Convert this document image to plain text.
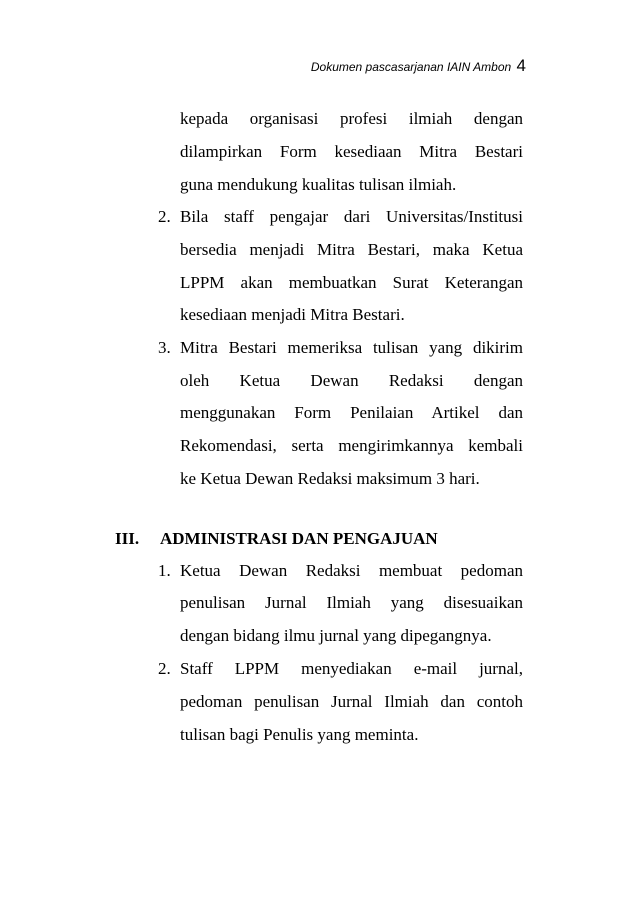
Dokumen pascasarjanan IAIN Ambon 4
kepada organisasi profesi ilmiah dengan
dilampirkan Form kesediaan Mitra Bestari
guna mendukung kualitas tulisan ilmiah.
2. Bila staff pengajar dari Universitas/Institusi
bersedia menjadi Mitra Bestari, maka Ketua
LPPM akan membuatkan Surat Keterangan
kesediaan menjadi Mitra Bestari.
3. Mitra Bestari memeriksa tulisan yang dikirim
oleh Ketua Dewan Redaksi dengan
menggunakan Form Penilaian Artikel dan
Rekomendasi, serta mengirimkannya kembali
ke Ketua Dewan Redaksi maksimum 3 hari.
III. ADMINISTRASI DAN PENGAJUAN
1. Ketua Dewan Redaksi membuat pedoman
penulisan Jurnal Ilmiah yang disesuaikan
dengan bidang ilmu jurnal yang dipegangnya.
2. Staff LPPM menyediakan e-mail jurnal,
pedoman penulisan Jurnal Ilmiah dan contoh
tulisan bagi Penulis yang meminta.
